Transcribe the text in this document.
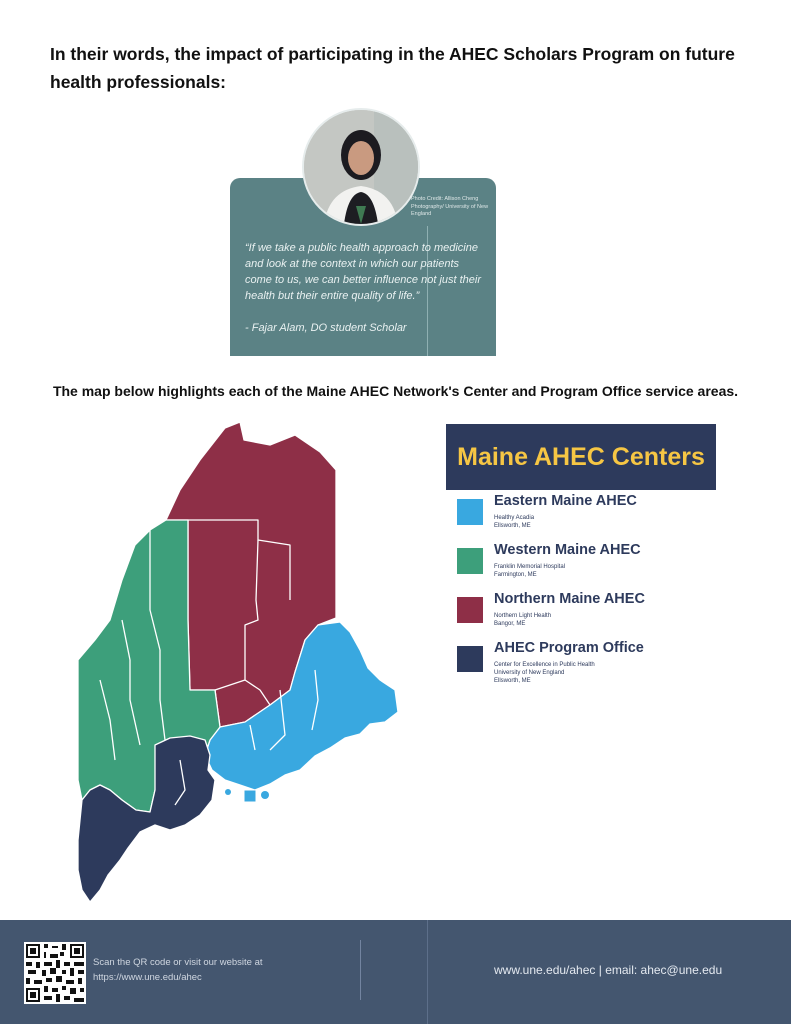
In their words, the impact of participating in the AHEC Scholars Program on future health professionals:
Photo Credit: Allison Cheng Photography/ University of New England
“If we take a public health approach to medicine and look at the context in which our patients come to us, we can better influence not just their health but their entire quality of life.”
- Fajar Alam, DO student Scholar
The map below highlights each of the Maine AHEC Network's Center and Program Office service areas.
Maine AHEC Centers
Eastern Maine AHEC
Healthy Acadia
Ellsworth, ME
Western Maine AHEC
Franklin Memorial Hospital
Farmington, ME
Northern Maine AHEC
Northern Light Health
Bangor, ME
AHEC Program Office
Center for Excellence in Public Health
University of New England
Ellsworth, ME
Scan the QR code or visit our website at https://www.une.edu/ahec
www.une.edu/ahec | email: ahec@une.edu
